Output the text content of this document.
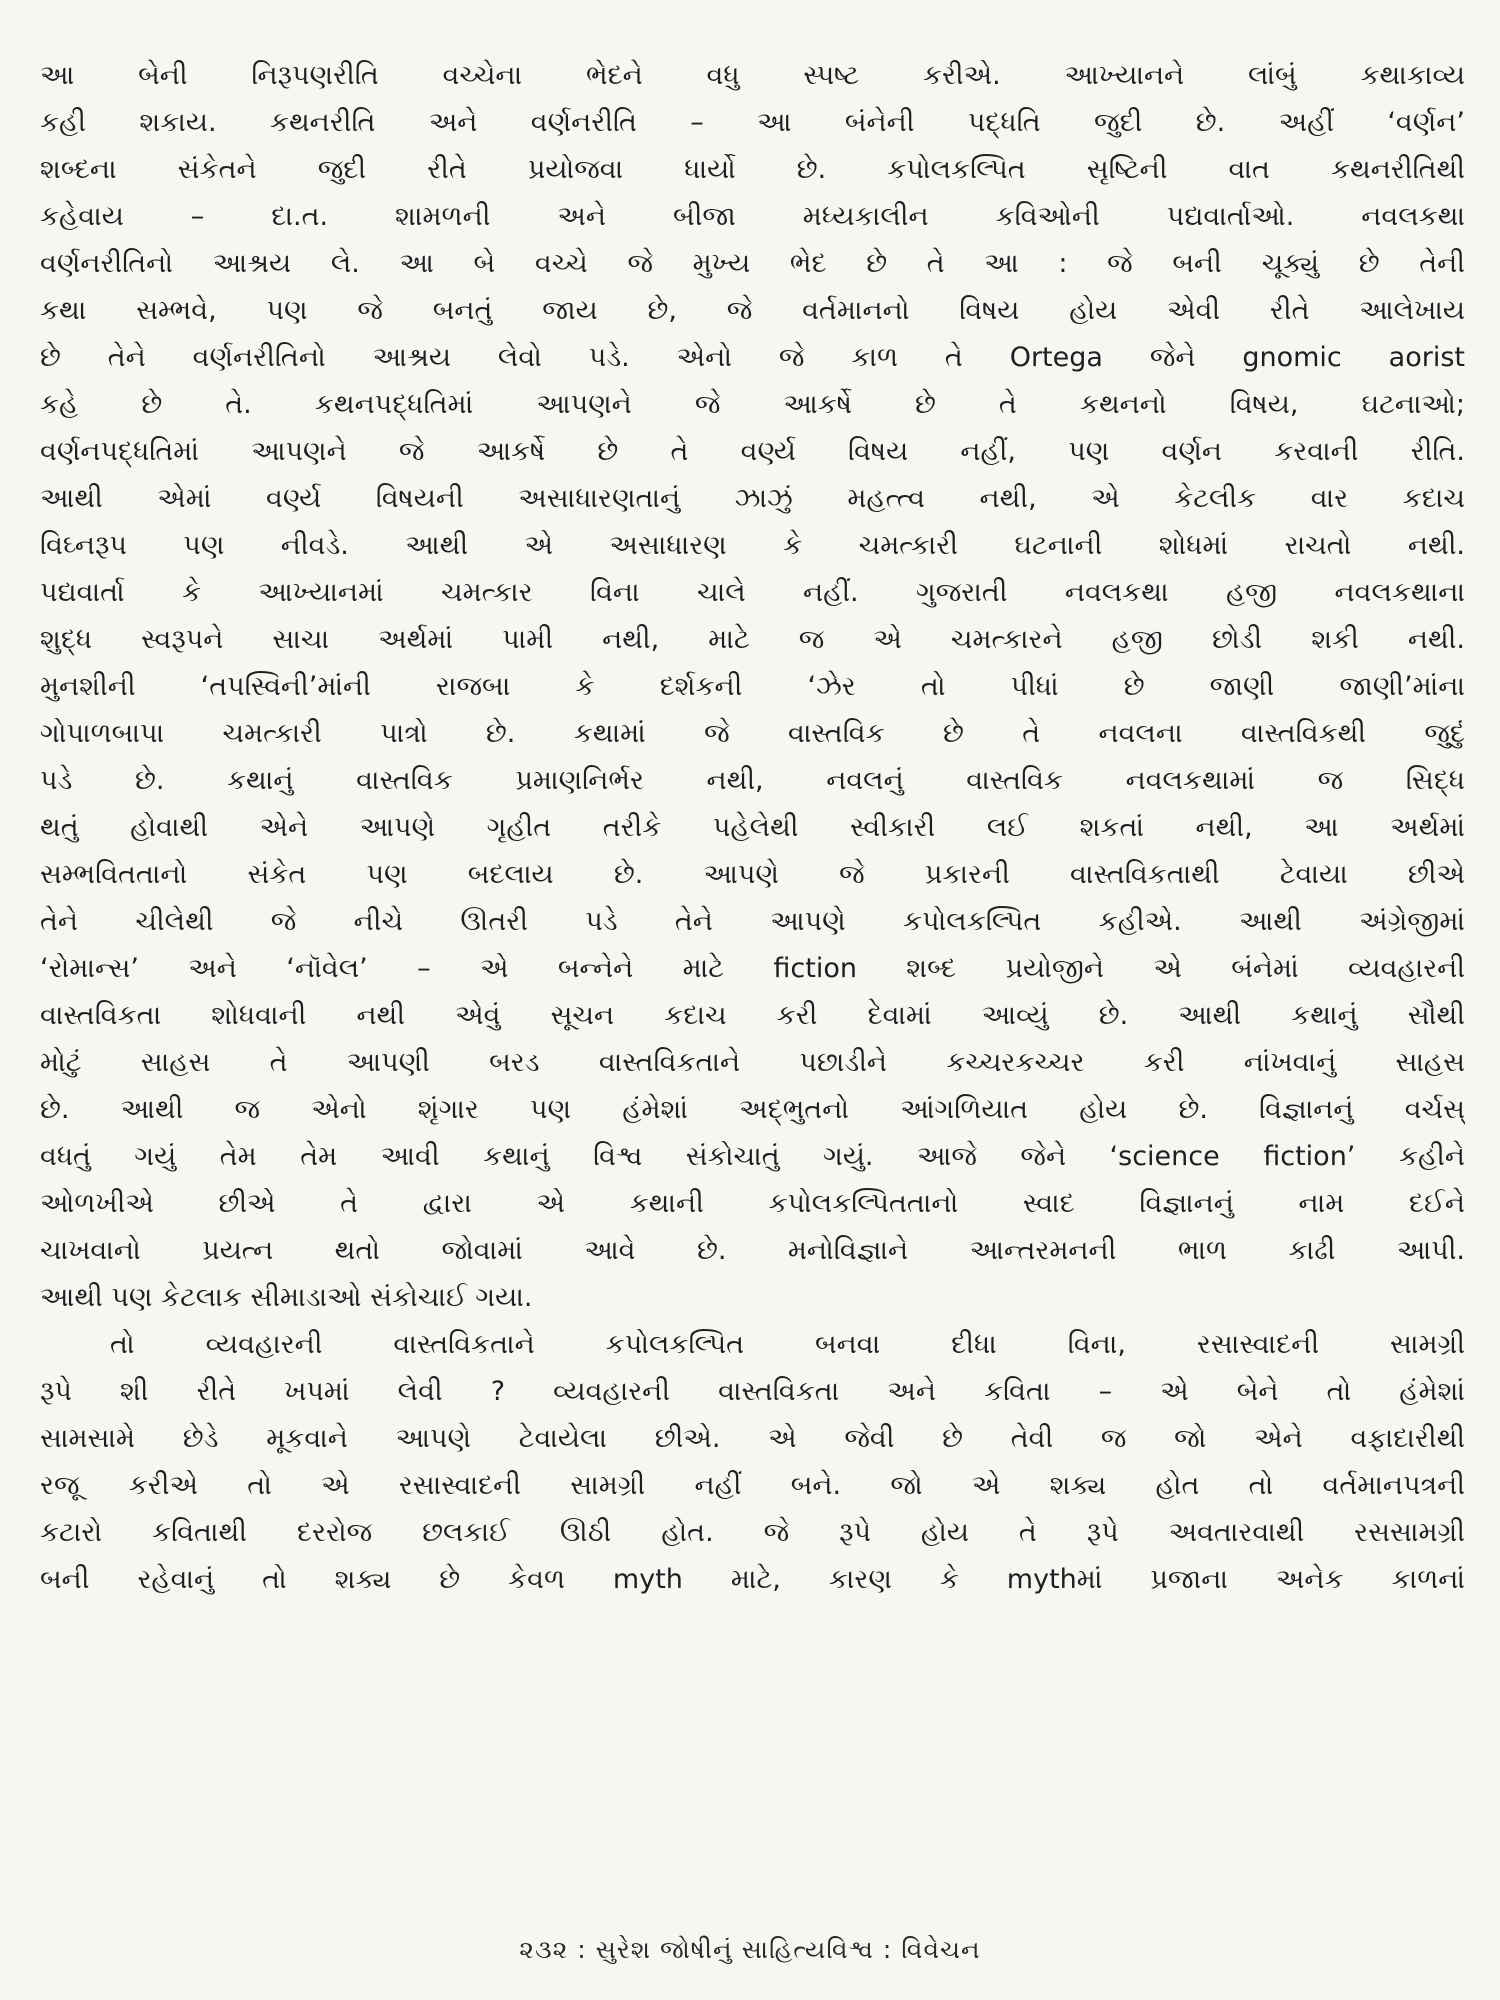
આ બેની નિરૂપણરીતિ વચ્ચેના ભેદને વધુ સ્પષ્ટ કરીએ. આખ્યાનને લાંબું કથાકાવ્ય
કહી શકાય. કથનરીતિ અને વર્ણનરીતિ – આ બંનેની પદ્ધતિ જુદી છે. અહીં ‘વર્ણન’
શબ્દના સંકેતને જુદી રીતે પ્રયોજવા ધાર્યો છે. કપોલકલ્પિત સૃષ્ટિની વાત કથનરીતિથી
કહેવાય – દા.ત. શામળની અને બીજા મધ્યકાલીન કવિઓની પદ્યવાર્તાઓ. નવલકથા
વર્ણનરીતિનો આશ્રય લે. આ બે વચ્ચે જે મુખ્ય ભેદ છે તે આ : જે બની ચૂક્યું છે તેની
કથા સમ્ભવે, પણ જે બનતું જાય છે, જે વર્તમાનનો વિષય હોય એવી રીતે આલેખાય
છે તેને વર્ણનરીતિનો આશ્રય લેવો પડે. એનો જે કાળ તે Ortega જેને gnomic aorist
કહે છે તે. કથનપદ્ધતિમાં આપણને જે આકર્ષે છે તે કથનનો વિષય, ઘટનાઓ;
વર્ણનપદ્ધતિમાં આપણને જે આકર્ષે છે તે વર્ણ્ય વિષય નહીં, પણ વર્ણન કરવાની રીતિ.
આથી એમાં વર્ણ્ય વિષયની અસાધારણતાનું ઝાઝું મહત્ત્વ નથી, એ કેટલીક વાર કદાચ
વિઘ્નરૂપ પણ નીવડે. આથી એ અસાધારણ કે ચમત્કારી ઘટનાની શોધમાં રાચતો નથી.
પદ્યવાર્તા કે આખ્યાનમાં ચમત્કાર વિના ચાલે નહીં. ગુજરાતી નવલકથા હજી નવલકથાના
શુદ્ધ સ્વરૂપને સાચા અર્થમાં પામી નથી, માટે જ એ ચમત્કારને હજી છોડી શકી નથી.
મુનશીની ‘તપસ્વિની’માંની રાજબા કે દર્શકની ‘ઝેર તો પીધાં છે જાણી જાણી’માંના
ગોપાળબાપા ચમત્કારી પાત્રો છે. કથામાં જે વાસ્તવિક છે તે નવલના વાસ્તવિકથી જુદું
પડે છે. કથાનું વાસ્તવિક પ્રમાણનિર્ભર નથી, નવલનું વાસ્તવિક નવલકથામાં જ સિદ્ધ
થતું હોવાથી એને આપણે ગૃહીત તરીકે પહેલેથી સ્વીકારી લઈ શકતાં નથી, આ અર્થમાં
સમ્ભવિતતાનો સંકેત પણ બદલાય છે. આપણે જે પ્રકારની વાસ્તવિકતાથી ટેવાયા છીએ
તેને ચીલેથી જે નીચે ઊતરી પડે તેને આપણે કપોલકલ્પિત કહીએ. આથી અંગ્રેજીમાં
‘રોમાન્સ’ અને ‘નૉવેલ’ – એ બન્નેને માટે fiction શબ્દ પ્રયોજીને એ બંનેમાં વ્યવહારની
વાસ્તવિકતા શોધવાની નથી એવું સૂચન કદાચ કરી દેવામાં આવ્યું છે. આથી કથાનું સૌથી
મોટું સાહસ તે આપણી બરડ વાસ્તવિકતાને પછાડીને કચ્ચરકચ્ચર કરી નાંખવાનું સાહસ
છે. આથી જ એનો શૃંગાર પણ હંમેશાં અદ્‌ભુતનો આંગળિયાત હોય છે. વિજ્ઞાનનું વર્ચસ્
વધતું ગયું તેમ તેમ આવી કથાનું વિશ્વ સંકોચાતું ગયું. આજે જેને ‘science fiction’ કહીને
ઓળખીએ છીએ તે દ્વારા એ કથાની કપોલકલ્પિતતાનો સ્વાદ વિજ્ઞાનનું નામ દઈને
ચાખવાનો પ્રયત્ન થતો જોવામાં આવે છે. મનોવિજ્ઞાને આન્તરમનની ભાળ કાઢી આપી.
આથી પણ કેટલાક સીમાડાઓ સંકોચાઈ ગયા.
તો વ્યવહારની વાસ્તવિકતાને કપોલકલ્પિત બનવા દીધા વિના, રસાસ્વાદની સામગ્રી
રૂપે શી રીતે ખપમાં લેવી ? વ્યવહારની વાસ્તવિકતા અને કવિતા – એ બેને તો હંમેશાં
સામસામે છેડે મૂકવાને આપણે ટેવાયેલા છીએ. એ જેવી છે તેવી જ જો એને વફાદારીથી
રજૂ કરીએ તો એ રસાસ્વાદની સામગ્રી નહીં બને. જો એ શક્ય હોત તો વર્તમાનપત્રની
કટારો કવિતાથી દરરોજ છલકાઈ ઊઠી હોત. જે રૂપે હોય તે રૂપે અવતારવાથી રસસામગ્રી
બની રહેવાનું તો શક્ય છે કેવળ myth માટે, કારણ કે mythમાં પ્રજાના અનેક કાળનાં
૨૩૨ : સુરેશ જોષીનું સાહિત્યવિશ્વ : વિવેચન
